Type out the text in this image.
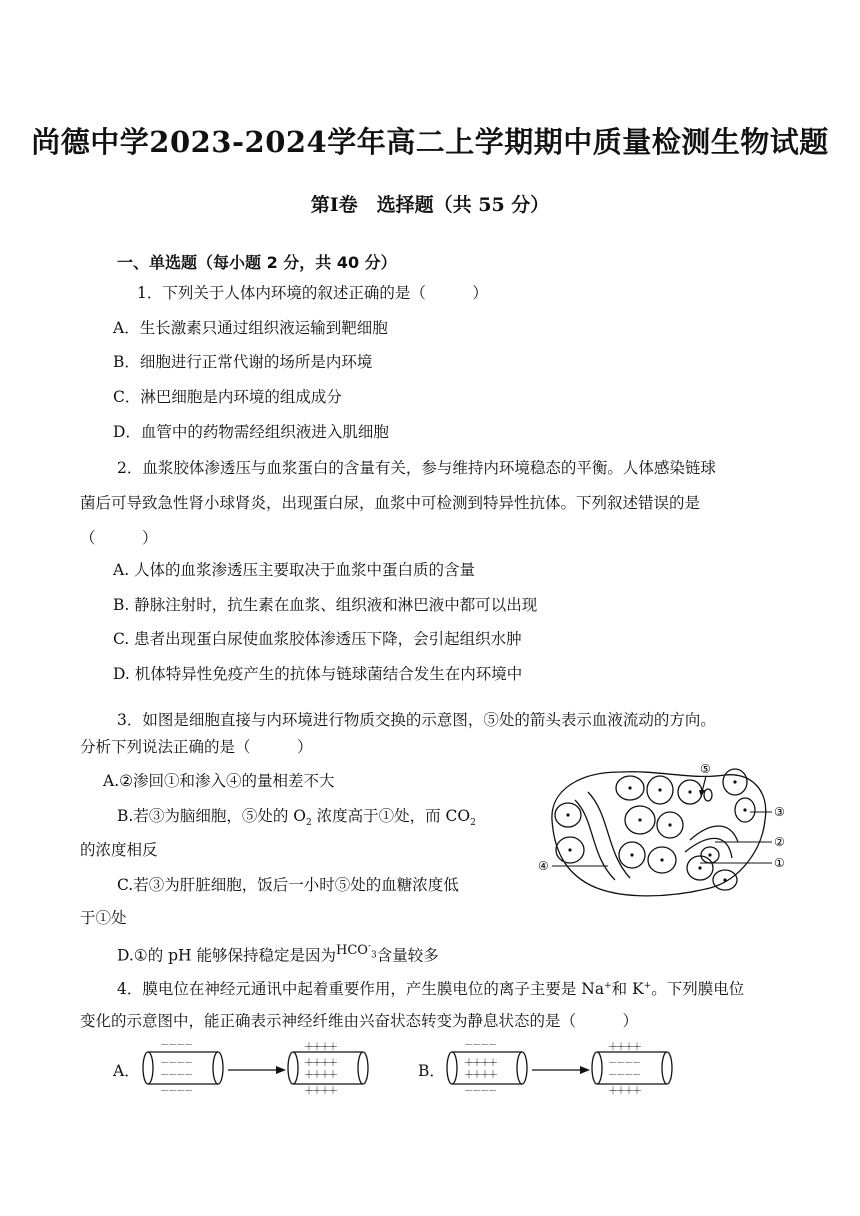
尚德中学2023-2024学年高二上学期期中质量检测生物试题
第Ⅰ卷　选择题（共 55 分）
一、单选题（每小题 2 分，共 40 分）
1．下列关于人体内环境的叙述正确的是（　　　）
A．生长激素只通过组织液运输到靶细胞
B．细胞进行正常代谢的场所是内环境
C．淋巴细胞是内环境的组成成分
D．血管中的药物需经组织液进入肌细胞
2．血浆胶体渗透压与血浆蛋白的含量有关，参与维持内环境稳态的平衡。人体感染链球
菌后可导致急性肾小球肾炎，出现蛋白尿，血浆中可检测到特异性抗体。下列叙述错误的是
（　　　）
A. 人体的血浆渗透压主要取决于血浆中蛋白质的含量
B. 静脉注射时，抗生素在血浆、组织液和淋巴液中都可以出现
C. 患者出现蛋白尿使血浆胶体渗透压下降，会引起组织水肿
D. 机体特异性免疫产生的抗体与链球菌结合发生在内环境中
3．如图是细胞直接与内环境进行物质交换的示意图，⑤处的箭头表示血液流动的方向。
分析下列说法正确的是（　　　）
A.②渗回①和渗入④的量相差不大
B.若③为脑细胞，⑤处的 $O_2$ 浓度高于①处，而 $CO_2$
的浓度相反
C.若③为肝脏细胞，饭后一小时⑤处的血糖浓度低
于①处
D.①的 pH 能够保持稳定是因为$^{HCO^-_3}$含量较多
⑤
③
②
①
④
4．膜电位在神经元通讯中起着重要作用，产生膜电位的离子主要是 Na+和 K+。下列膜电位
变化的示意图中，能正确表示神经纤维由兴奋状态转变为静息状态的是（　　　）
A．	B．
－－－－
－－－－
－－－－
－－－－
＋＋＋＋
＋＋＋＋
＋＋＋＋
＋＋＋＋
－－－－
＋＋＋＋
＋＋＋＋
－－－－
＋＋＋＋
－－－－
－－－－
＋＋＋＋
